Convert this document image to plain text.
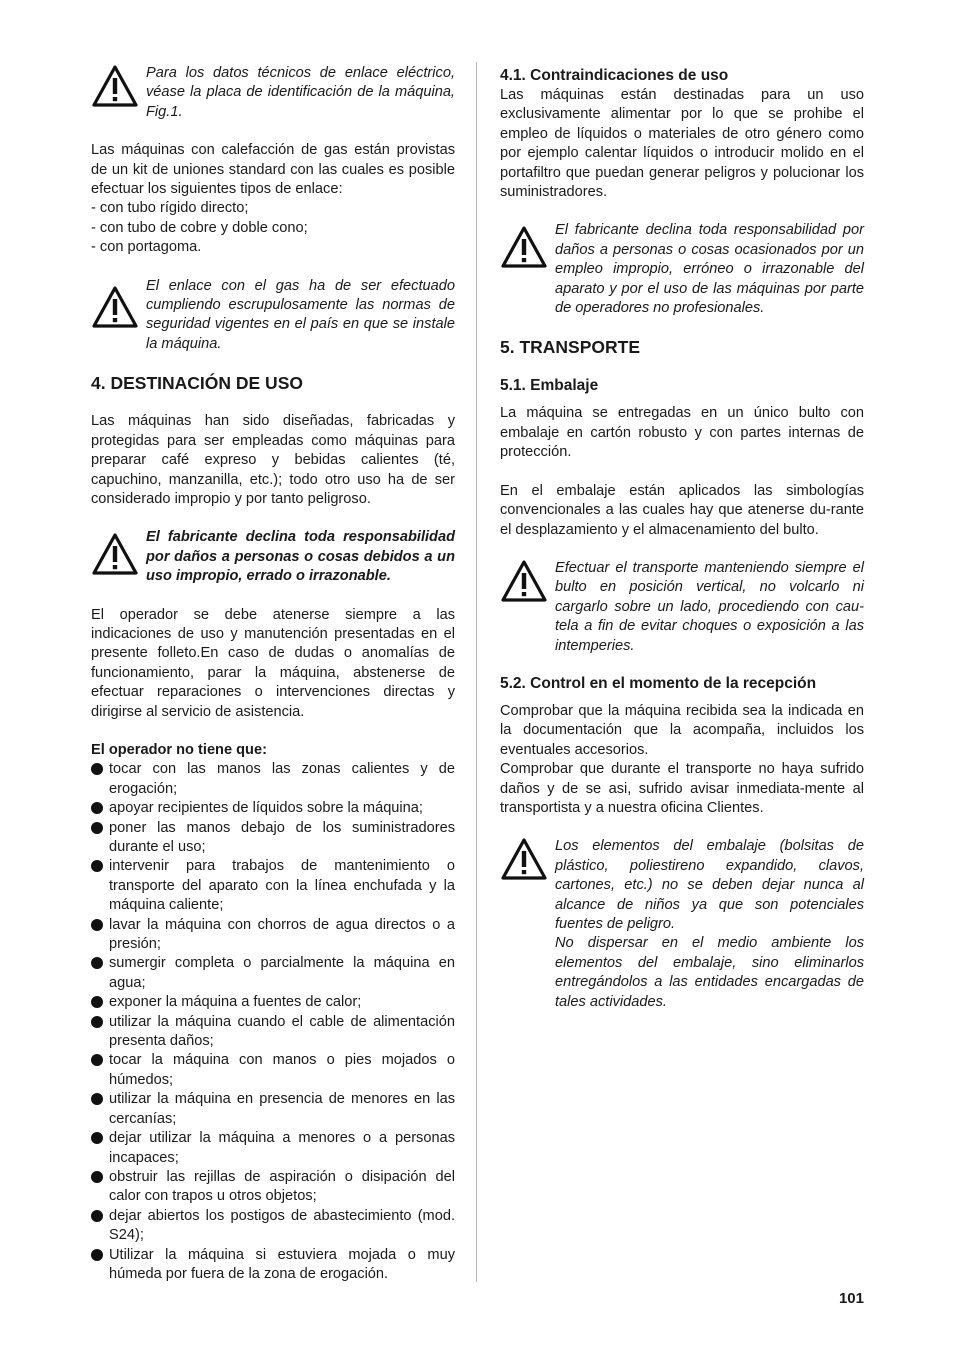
Para los datos técnicos de enlace eléctrico, véase la placa de identificación de la máquina, Fig.1.

Las máquinas con calefacción de gas están provistas de un kit de uniones standard con las cuales es posible efectuar los siguientes tipos de enlace:

- con tubo rígido directo;
- con tubo de cobre y doble cono;
- con portagoma.
El enlace con el gas ha de ser efectuado cumpliendo escrupulosamente las normas de seguridad vigentes en el país en que se instale la máquina.
4. DESTINACIÓN DE USO

Las máquinas han sido diseñadas, fabricadas y protegidas para ser empleadas como máquinas para preparar café expreso y bebidas calientes (té, capuchino, manzanilla, etc.); todo otro uso ha de ser considerado impropio y por tanto peligroso.

El fabricante declina toda responsabilidad por daños a personas o cosas debidos a un uso impropio, errado o irrazonable.

El operador se debe atenerse siempre a las indicaciones de uso y manutención presentadas en el presente folleto.En caso de dudas o anomalías de funcionamiento, parar la máquina, abstenerse de efectuar reparaciones o intervenciones directas y dirigirse al servicio de asistencia.

El operador no tiene que:
tocar con las manos las zonas calientes y de erogación;
apoyar recipientes de líquidos sobre la máquina;
poner las manos debajo de los suministradores durante el uso;
intervenir para trabajos de mantenimiento o transporte del aparato con la línea enchufada y la máquina caliente;
lavar la máquina con chorros de agua directos o a presión;
sumergir completa o parcialmente la máquina en agua;
exponer la máquina a fuentes de calor;
utilizar la máquina cuando el cable de alimentación presenta daños;
tocar la máquina con manos o pies mojados o húmedos;
utilizar la máquina en presencia de menores en las cercanías;
dejar utilizar la máquina a menores o a personas incapaces;
obstruir las rejillas de aspiración o disipación del calor con trapos u otros objetos;
dejar abiertos los postigos de abastecimiento (mod. S24);
Utilizar la máquina si estuviera mojada o muy húmeda por fuera de la zona de erogación.
4.1. Contraindicaciones de uso

Las máquinas están destinadas para un uso exclusivamente alimentar por lo que se prohibe el empleo de líquidos o materiales de otro género como por ejemplo calentar líquidos o introducir molido en el portafiltro que puedan generar peligros y polucionar los suministradores.

El fabricante declina toda responsabilidad por daños a personas o cosas ocasionados por un empleo impropio, erróneo o irrazonable del aparato y por el uso de las máquinas por parte de operadores no profesionales.
5. TRANSPORTE
5.1. Embalaje

La máquina se entregadas en un único bulto con embalaje en cartón robusto y con partes internas de protección.

En el embalaje están aplicados las simbologías convencionales a las cuales hay que atenerse du-rante el desplazamiento y el almacenamiento del bulto.

Efectuar el transporte manteniendo siempre el bulto en posición vertical, no volcarlo ni cargarlo sobre un lado, procediendo con cau-tela a fin de evitar choques o exposición a las intemperies.
5.2. Control en el momento de la recepción

Comprobar que la máquina recibida sea la indicada en la documentación que la acompaña, incluidos los eventuales accesorios.

Comprobar que durante el transporte no haya sufrido daños y de se asi, sufrido avisar inmediata-mente al transportista y a nuestra oficina Clientes.

Los elementos del embalaje (bolsitas de plástico, poliestireno expandido, clavos, cartones, etc.) no se deben dejar nunca al alcance de niños ya que son potenciales fuentes de peligro.
No dispersar en el medio ambiente los elementos del embalaje, sino eliminarlos entregándolos a las entidades encargadas de tales actividades.
101
